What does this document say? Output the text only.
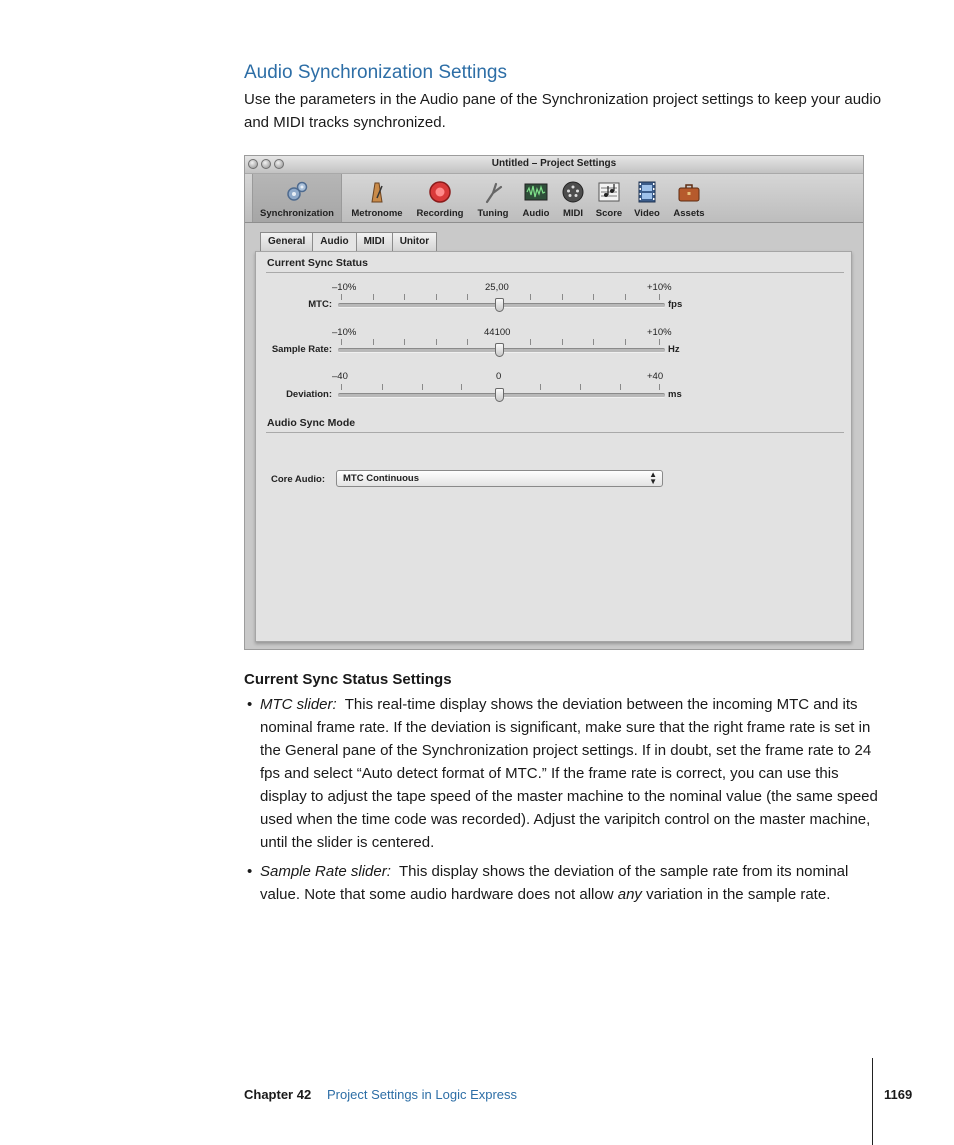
Audio Synchronization Settings

Use the parameters in the Audio pane of the Synchronization project settings to keep your audio and MIDI tracks synchronized.

Untitled – Project Settings
Synchronization	Metronome	Recording	Tuning	Audio	MIDI	Score	Video	Assets
General	Audio	MIDI	Unitor
Current Sync Status
–10%	25,00	+10%
MTC:	fps
–10%	44100	+10%
Sample Rate:	Hz
–40	0	+40
Deviation:	ms
Audio Sync Mode
Core Audio:	MTC Continuous	▲
▼
Current Sync Status Settings
• MTC slider: This real-time display shows the deviation between the incoming MTC and its nominal frame rate. If the deviation is significant, make sure that the right frame rate is set in the General pane of the Synchronization project settings. If in doubt, set the frame rate to 24 fps and select “Auto detect format of MTC.” If the frame rate is correct, you can use this display to adjust the tape speed of the master machine to the nominal value (the same speed used when the time code was recorded). Adjust the varipitch control on the master machine, until the slider is centered.
• Sample Rate slider: This display shows the deviation of the sample rate from its nominal value. Note that some audio hardware does not allow any variation in the sample rate.
Chapter 42 Project Settings in Logic Express	1169
